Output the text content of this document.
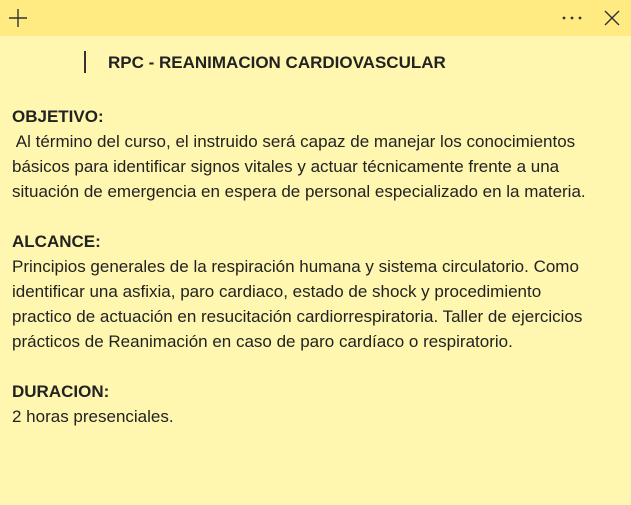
RPC - REANIMACION CARDIOVASCULAR
OBJETIVO:
Al término del curso, el instruido será capaz de manejar los conocimientos
básicos para identificar signos vitales y actuar técnicamente frente a una
situación de emergencia en espera de personal especializado en la materia.
ALCANCE:
Principios generales de la respiración humana y sistema circulatorio. Como
identificar una asfixia, paro cardiaco, estado de shock y procedimiento
practico de actuación en resucitación cardiorrespiratoria. Taller de ejercicios
prácticos de Reanimación en caso de paro cardíaco o respiratorio.
DURACION:
2 horas presenciales.
